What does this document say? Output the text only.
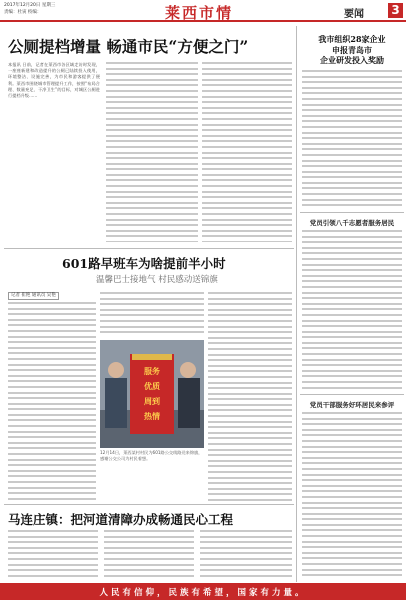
2017年12月20日 星期三
责编：杜寅 校编：	莱西市情	要闻 3
公厕提档增量 畅通市民“方便之门”
本报讯 日前，记者在莱西市各区域走访时发现，一座座新建和改造提升的公厕已陆续投入使用，环境整洁、设施完善，为市民和游客提供了便利。莱西市围绕城市管理提升工作，按照“布局合理、数量充足、干净卫生”的目标，对城区公厕进行提档升级……
601路早班车为啥提前半小时
温馨巴士接地气 村民感动送锦旗
记者 崔艳 通讯员 吴艳
服务
优质
周到
热情
12月14日，莱西某村村民为601路公交线路送来锦旗，感谢公交公司为村民着想。
马连庄镇：把河道清障办成畅通民心工程
我市组织28家企业
申报青岛市
企业研发投入奖励
党员引领八千志愿者服务居民
党员干部服务好环居民来参评
人民有信仰，民族有希望，国家有力量。
